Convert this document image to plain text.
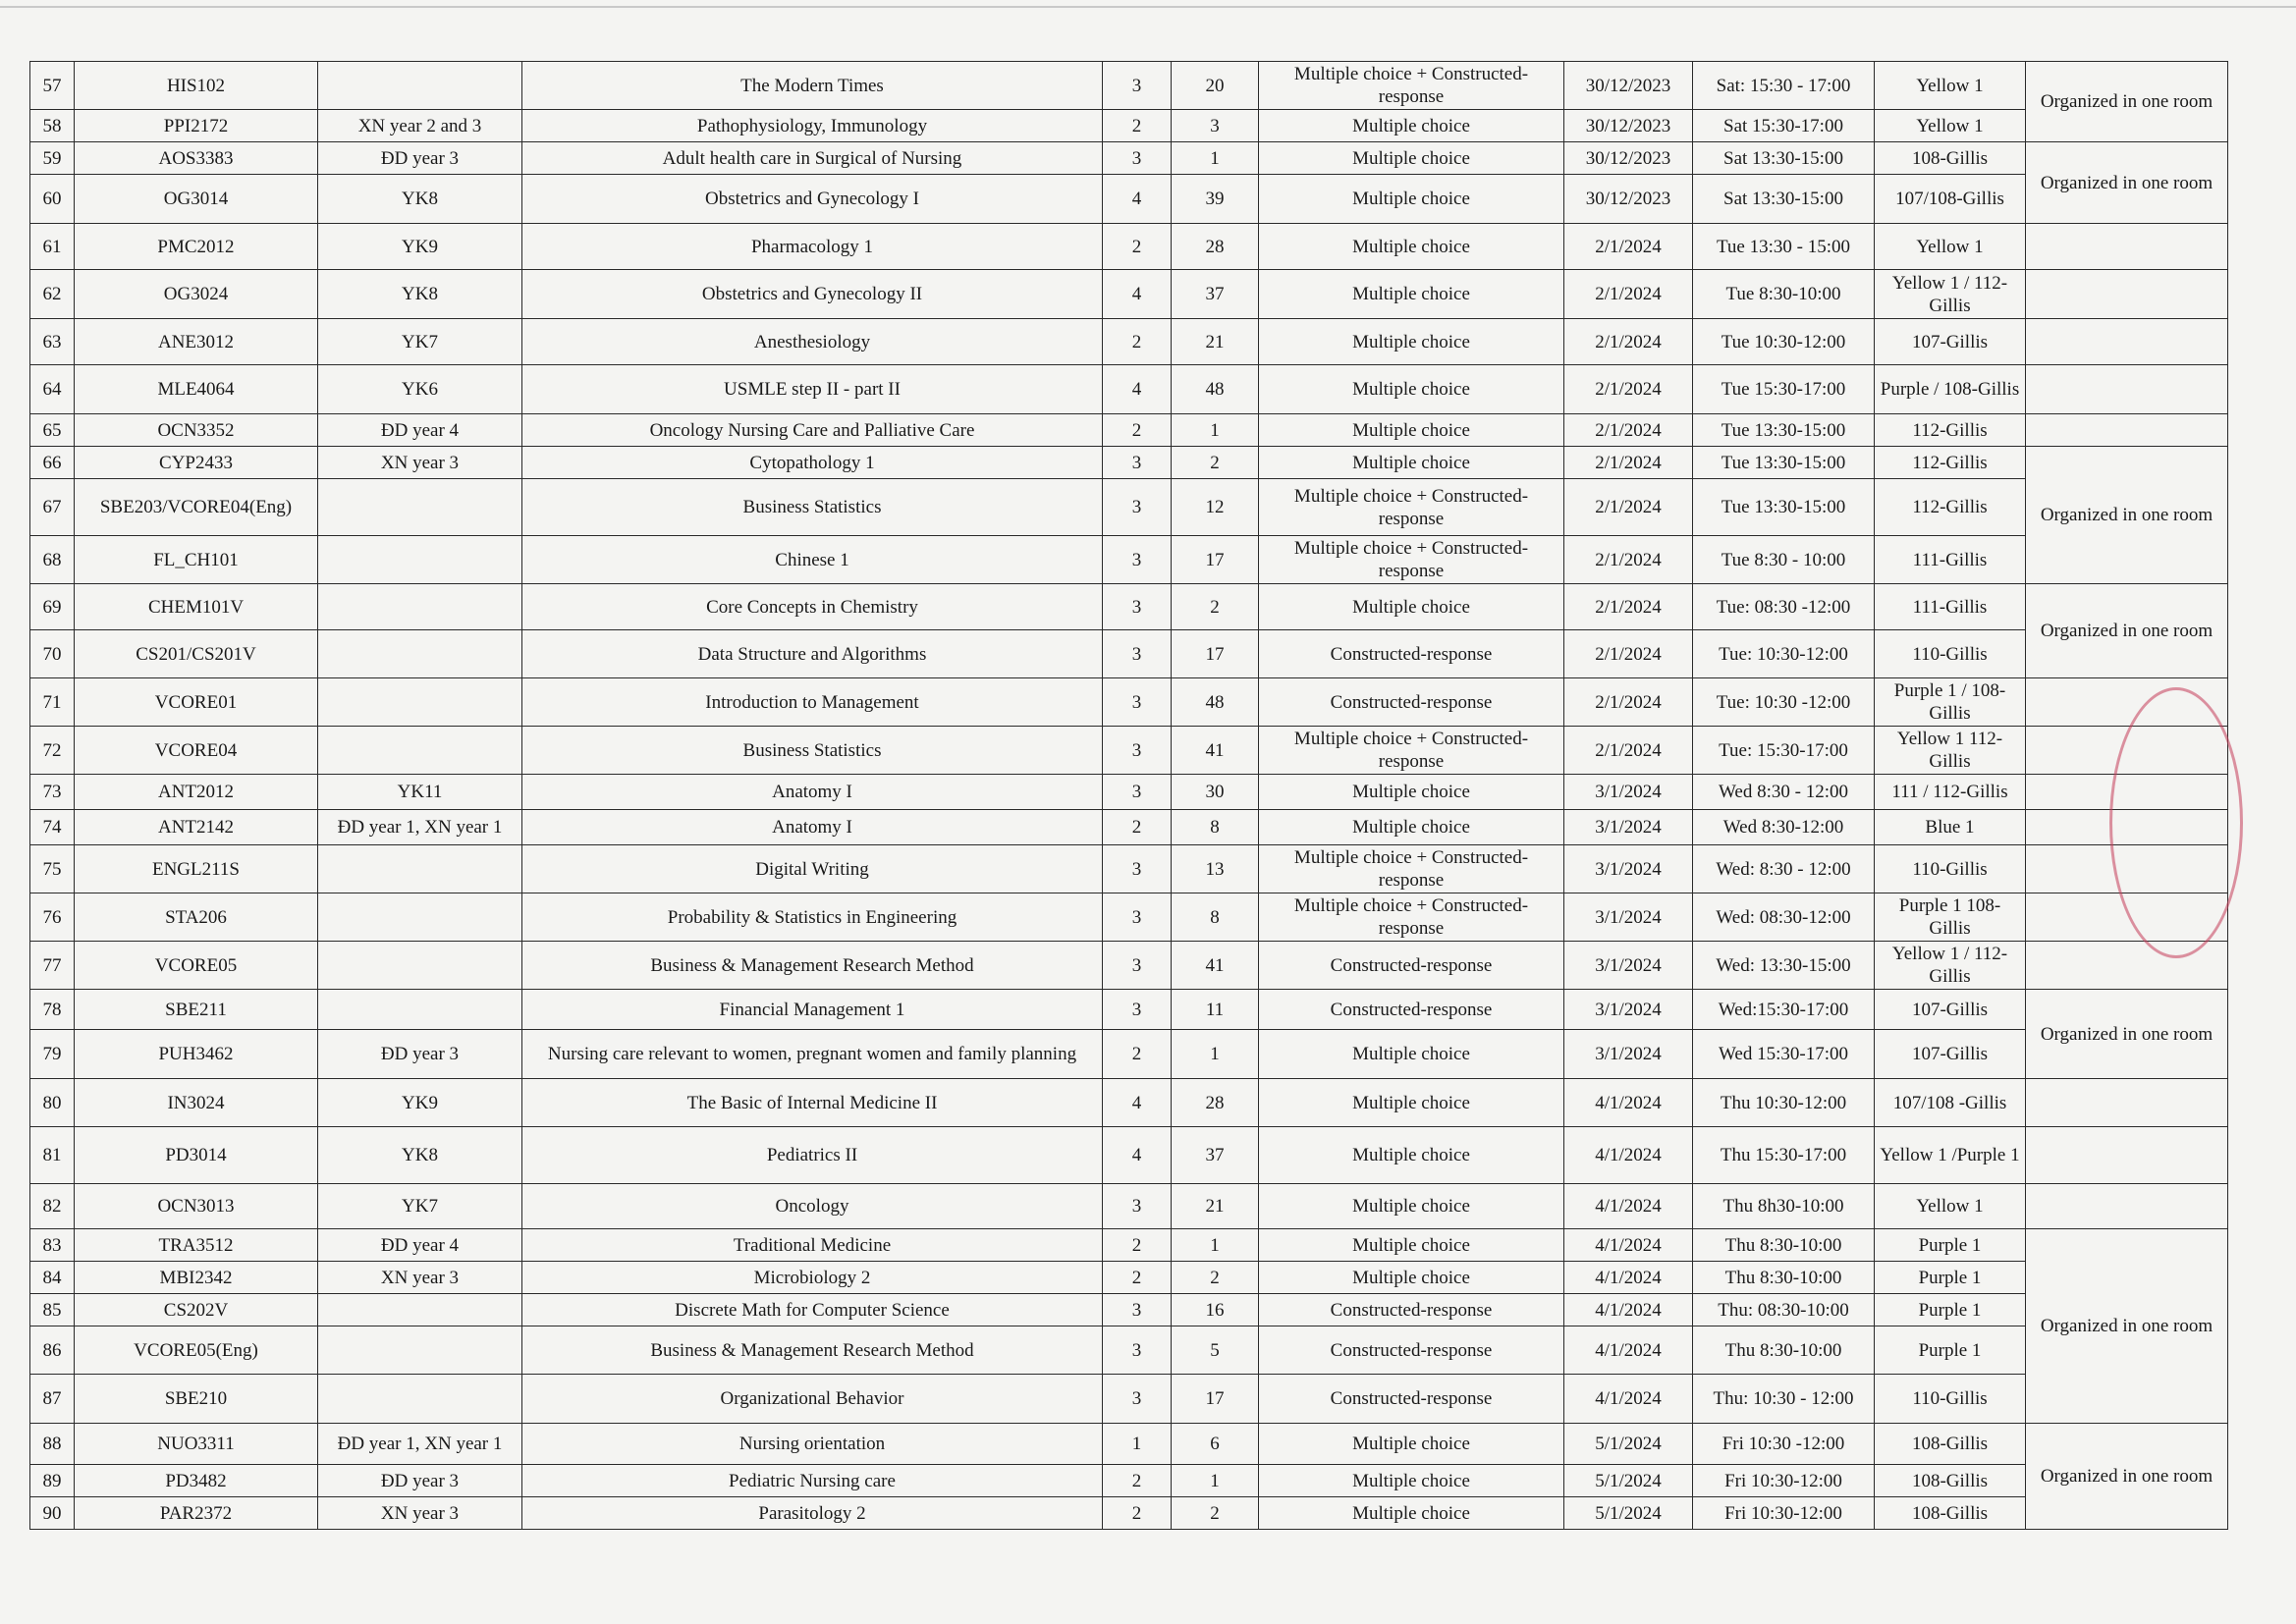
57	HIS102		The Modern Times	3	20	Multiple choice + Constructed-response	30/12/2023	Sat: 15:30 - 17:00	Yellow 1	Organized in one room
58	PPI2172	XN year 2 and 3	Pathophysiology, Immunology	2	3	Multiple choice	30/12/2023	Sat 15:30-17:00	Yellow 1	
59	AOS3383	ĐD year 3	Adult health care in Surgical of Nursing	3	1	Multiple choice	30/12/2023	Sat 13:30-15:00	108-Gillis	Organized in one room
60	OG3014	YK8	Obstetrics and Gynecology I	4	39	Multiple choice	30/12/2023	Sat 13:30-15:00	107/108-Gillis	
61	PMC2012	YK9	Pharmacology 1	2	28	Multiple choice	2/1/2024	Tue 13:30 - 15:00	Yellow 1	
62	OG3024	YK8	Obstetrics and Gynecology II	4	37	Multiple choice	2/1/2024	Tue 8:30-10:00	Yellow 1 / 112-Gillis	
63	ANE3012	YK7	Anesthesiology	2	21	Multiple choice	2/1/2024	Tue 10:30-12:00	107-Gillis	
64	MLE4064	YK6	USMLE step II - part II	4	48	Multiple choice	2/1/2024	Tue 15:30-17:00	Purple / 108-Gillis	
65	OCN3352	ĐD year 4	Oncology Nursing Care and Palliative Care	2	1	Multiple choice	2/1/2024	Tue 13:30-15:00	112-Gillis	
66	CYP2433	XN year 3	Cytopathology 1	3	2	Multiple choice	2/1/2024	Tue 13:30-15:00	112-Gillis	Organized in one room
67	SBE203/VCORE04(Eng)		Business Statistics	3	12	Multiple choice + Constructed-response	2/1/2024	Tue 13:30-15:00	112-Gillis	
68	FL_CH101		Chinese 1	3	17	Multiple choice + Constructed-response	2/1/2024	Tue 8:30 - 10:00	111-Gillis	
69	CHEM101V		Core Concepts in Chemistry	3	2	Multiple choice	2/1/2024	Tue: 08:30 -12:00	111-Gillis	Organized in one room
70	CS201/CS201V		Data Structure and Algorithms	3	17	Constructed-response	2/1/2024	Tue: 10:30-12:00	110-Gillis	
71	VCORE01		Introduction to Management	3	48	Constructed-response	2/1/2024	Tue: 10:30 -12:00	Purple 1 / 108-Gillis	
72	VCORE04		Business Statistics	3	41	Multiple choice + Constructed-response	2/1/2024	Tue: 15:30-17:00	Yellow 1 112-Gillis	
73	ANT2012	YK11	Anatomy I	3	30	Multiple choice	3/1/2024	Wed 8:30 - 12:00	111 / 112-Gillis	
74	ANT2142	ĐD year 1, XN year 1	Anatomy I	2	8	Multiple choice	3/1/2024	Wed 8:30-12:00	Blue 1	
75	ENGL211S		Digital Writing	3	13	Multiple choice + Constructed-response	3/1/2024	Wed: 8:30 - 12:00	110-Gillis	
76	STA206		Probability & Statistics in Engineering	3	8	Multiple choice + Constructed-response	3/1/2024	Wed: 08:30-12:00	Purple 1 108-Gillis	
77	VCORE05		Business & Management Research Method	3	41	Constructed-response	3/1/2024	Wed: 13:30-15:00	Yellow 1 / 112-Gillis	
78	SBE211		Financial Management 1	3	11	Constructed-response	3/1/2024	Wed:15:30-17:00	107-Gillis	Organized in one room
79	PUH3462	ĐD year 3	Nursing care relevant to women, pregnant women and family planning	2	1	Multiple choice	3/1/2024	Wed 15:30-17:00	107-Gillis	
80	IN3024	YK9	The Basic of Internal Medicine II	4	28	Multiple choice	4/1/2024	Thu 10:30-12:00	107/108 -Gillis	
81	PD3014	YK8	Pediatrics II	4	37	Multiple choice	4/1/2024	Thu 15:30-17:00	Yellow 1 /Purple 1	
82	OCN3013	YK7	Oncology	3	21	Multiple choice	4/1/2024	Thu 8h30-10:00	Yellow 1	
83	TRA3512	ĐD year 4	Traditional Medicine	2	1	Multiple choice	4/1/2024	Thu 8:30-10:00	Purple 1	Organized in one room
84	MBI2342	XN year 3	Microbiology 2	2	2	Multiple choice	4/1/2024	Thu 8:30-10:00	Purple 1	
85	CS202V		Discrete Math for Computer Science	3	16	Constructed-response	4/1/2024	Thu: 08:30-10:00	Purple 1	
86	VCORE05(Eng)		Business & Management Research Method	3	5	Constructed-response	4/1/2024	Thu 8:30-10:00	Purple 1	
87	SBE210		Organizational Behavior	3	17	Constructed-response	4/1/2024	Thu: 10:30 - 12:00	110-Gillis	
88	NUO3311	ĐD year 1, XN year 1	Nursing orientation	1	6	Multiple choice	5/1/2024	Fri 10:30 -12:00	108-Gillis	Organized in one room
89	PD3482	ĐD year 3	Pediatric Nursing care	2	1	Multiple choice	5/1/2024	Fri 10:30-12:00	108-Gillis	
90	PAR2372	XN year 3	Parasitology 2	2	2	Multiple choice	5/1/2024	Fri 10:30-12:00	108-Gillis	
